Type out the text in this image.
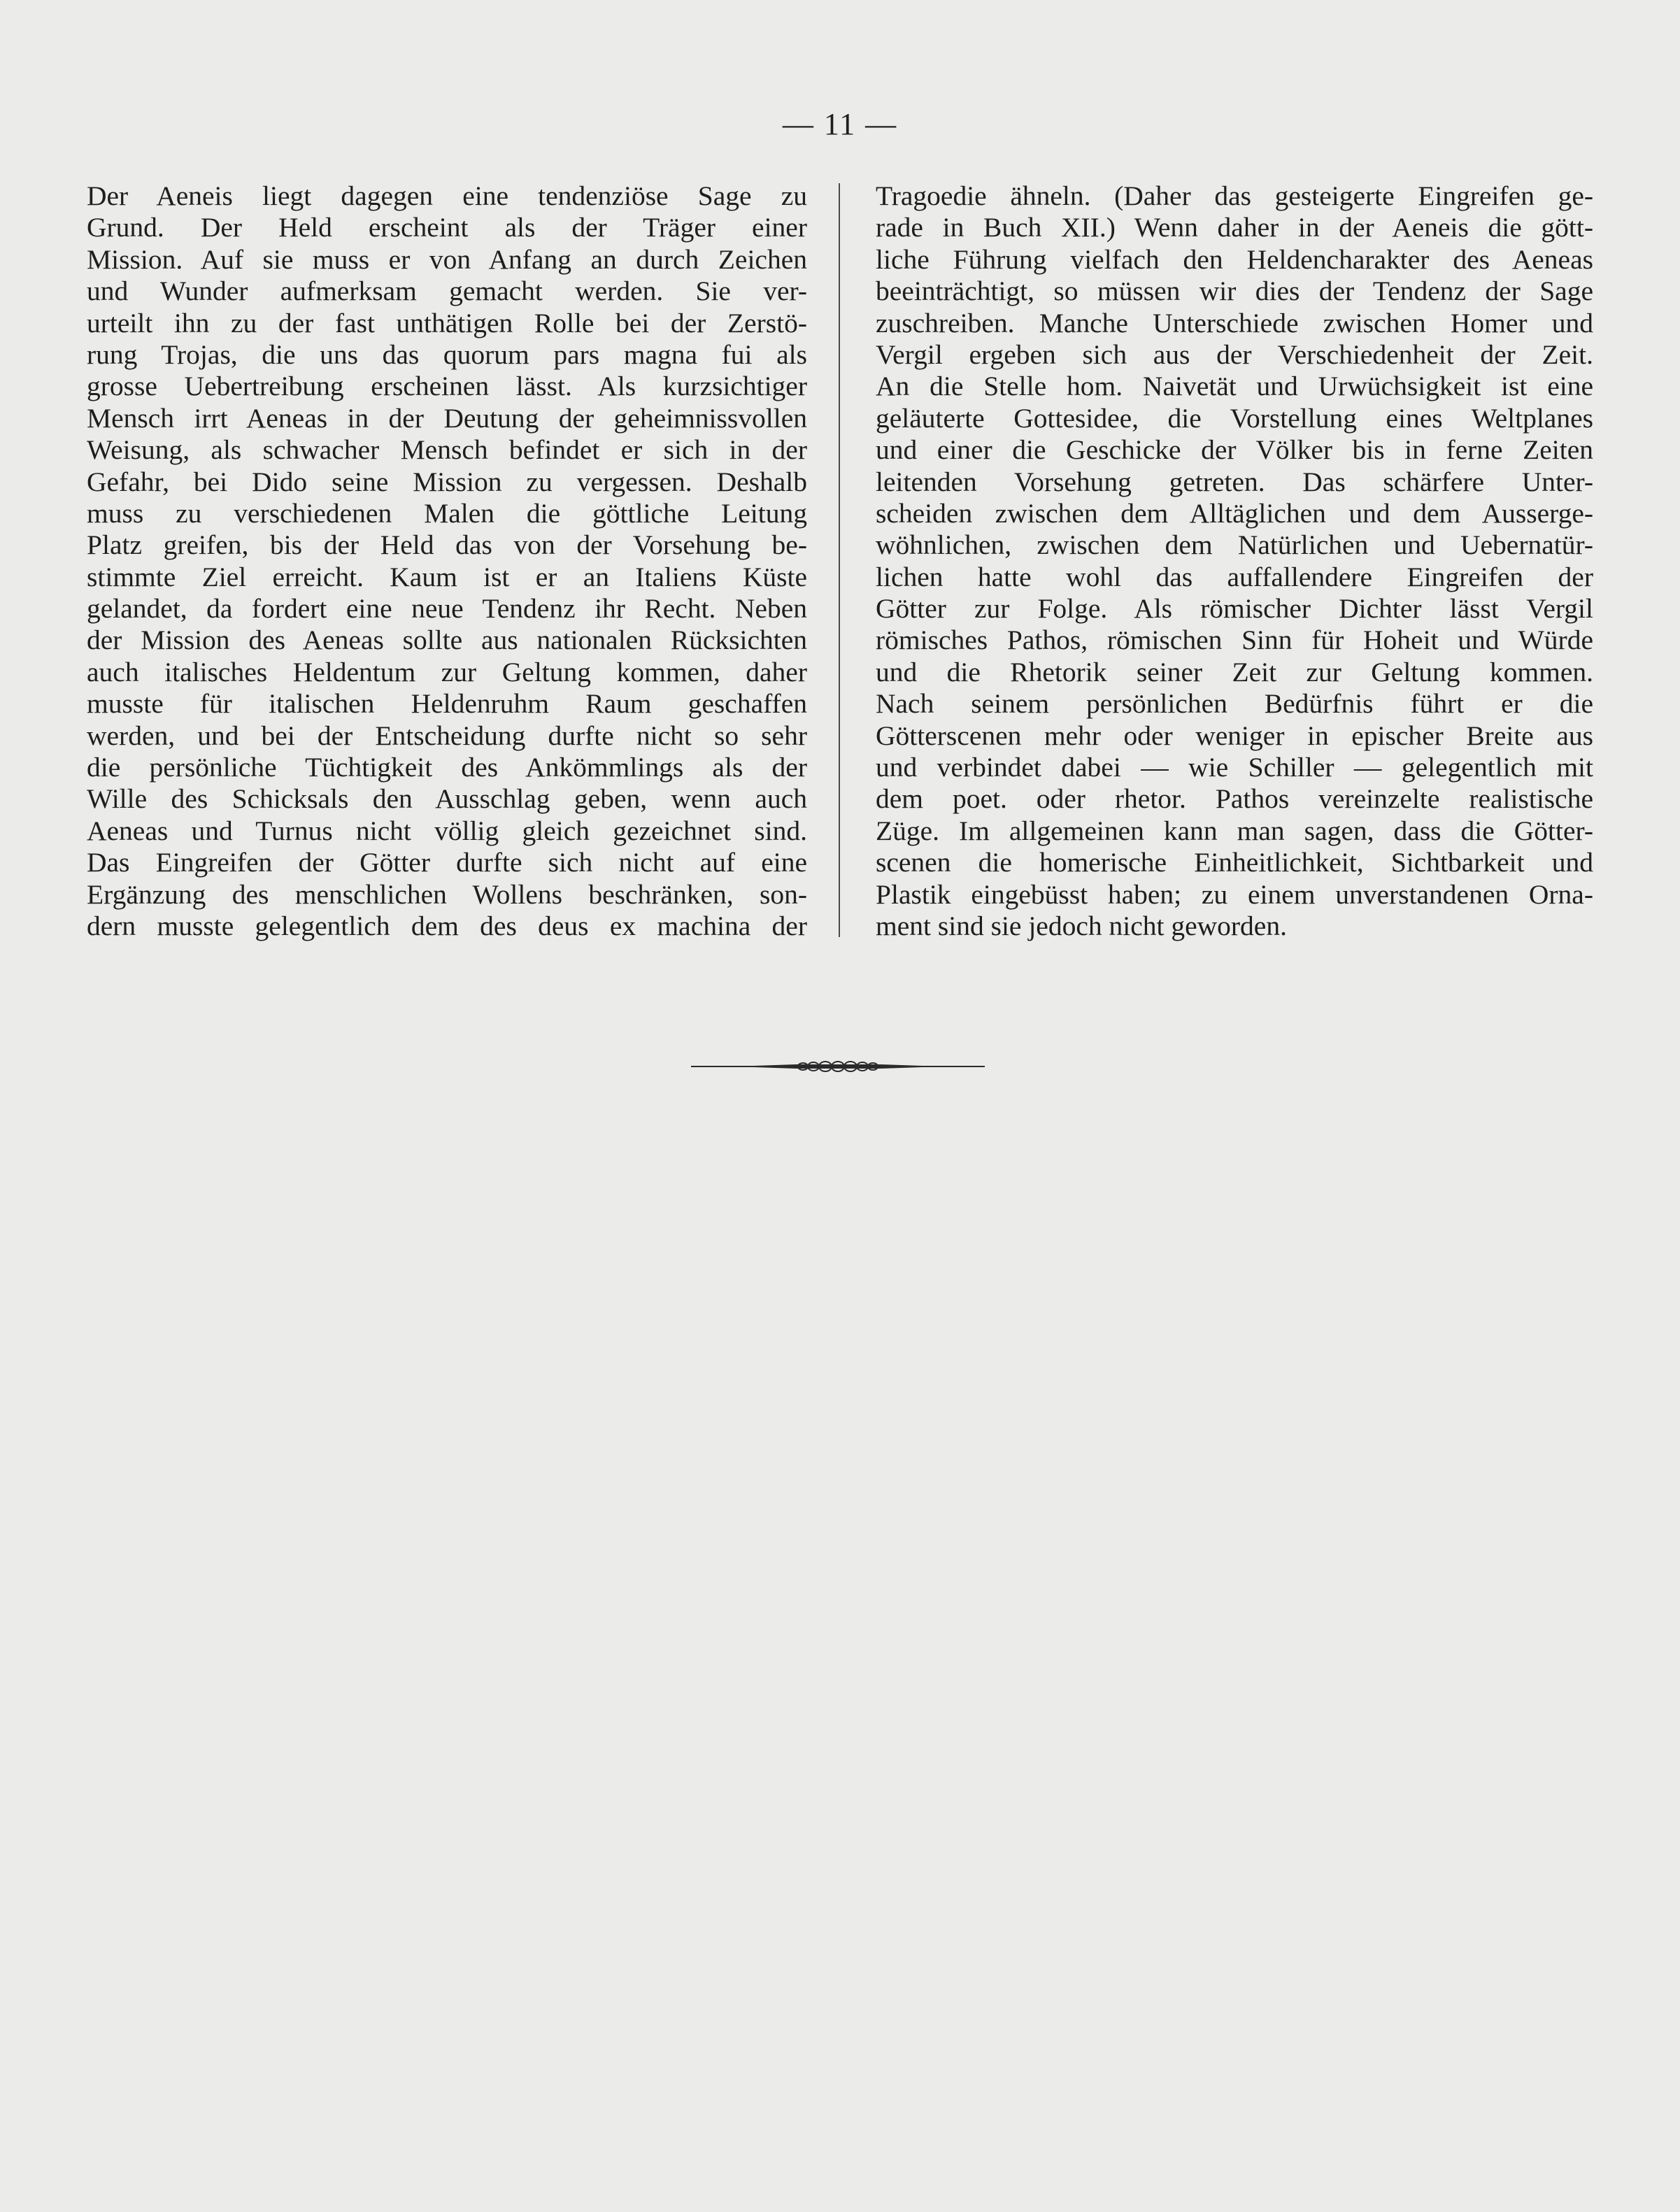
— 11 —
Der Aeneis liegt dagegen eine tendenziöse Sage zu
Grund. Der Held erscheint als der Träger einer
Mission. Auf sie muss er von Anfang an durch Zeichen
und Wunder aufmerksam gemacht werden. Sie ver-
urteilt ihn zu der fast unthätigen Rolle bei der Zerstö-
rung Trojas, die uns das quorum pars magna fui als
grosse Uebertreibung erscheinen lässt. Als kurzsichtiger
Mensch irrt Aeneas in der Deutung der geheimnissvollen
Weisung, als schwacher Mensch befindet er sich in der
Gefahr, bei Dido seine Mission zu vergessen. Deshalb
muss zu verschiedenen Malen die göttliche Leitung
Platz greifen, bis der Held das von der Vorsehung be-
stimmte Ziel erreicht. Kaum ist er an Italiens Küste
gelandet, da fordert eine neue Tendenz ihr Recht. Neben
der Mission des Aeneas sollte aus nationalen Rücksichten
auch italisches Heldentum zur Geltung kommen, daher
musste für italischen Heldenruhm Raum geschaffen
werden, und bei der Entscheidung durfte nicht so sehr
die persönliche Tüchtigkeit des Ankömmlings als der
Wille des Schicksals den Ausschlag geben, wenn auch
Aeneas und Turnus nicht völlig gleich gezeichnet sind.
Das Eingreifen der Götter durfte sich nicht auf eine
Ergänzung des menschlichen Wollens beschränken, son-
dern musste gelegentlich dem des deus ex machina der
Tragoedie ähneln. (Daher das gesteigerte Eingreifen ge-
rade in Buch XII.) Wenn daher in der Aeneis die gött-
liche Führung vielfach den Heldencharakter des Aeneas
beeinträchtigt, so müssen wir dies der Tendenz der Sage
zuschreiben. Manche Unterschiede zwischen Homer und
Vergil ergeben sich aus der Verschiedenheit der Zeit.
An die Stelle hom. Naivetät und Urwüchsigkeit ist eine
geläuterte Gottesidee, die Vorstellung eines Weltplanes
und einer die Geschicke der Völker bis in ferne Zeiten
leitenden Vorsehung getreten. Das schärfere Unter-
scheiden zwischen dem Alltäglichen und dem Ausserge-
wöhnlichen, zwischen dem Natürlichen und Uebernatür-
lichen hatte wohl das auffallendere Eingreifen der
Götter zur Folge. Als römischer Dichter lässt Vergil
römisches Pathos, römischen Sinn für Hoheit und Würde
und die Rhetorik seiner Zeit zur Geltung kommen.
Nach seinem persönlichen Bedürfnis führt er die
Götterscenen mehr oder weniger in epischer Breite aus
und verbindet dabei — wie Schiller — gelegentlich mit
dem poet. oder rhetor. Pathos vereinzelte realistische
Züge. Im allgemeinen kann man sagen, dass die Götter-
scenen die homerische Einheitlichkeit, Sichtbarkeit und
Plastik eingebüsst haben; zu einem unverstandenen Orna-
ment sind sie jedoch nicht geworden.
